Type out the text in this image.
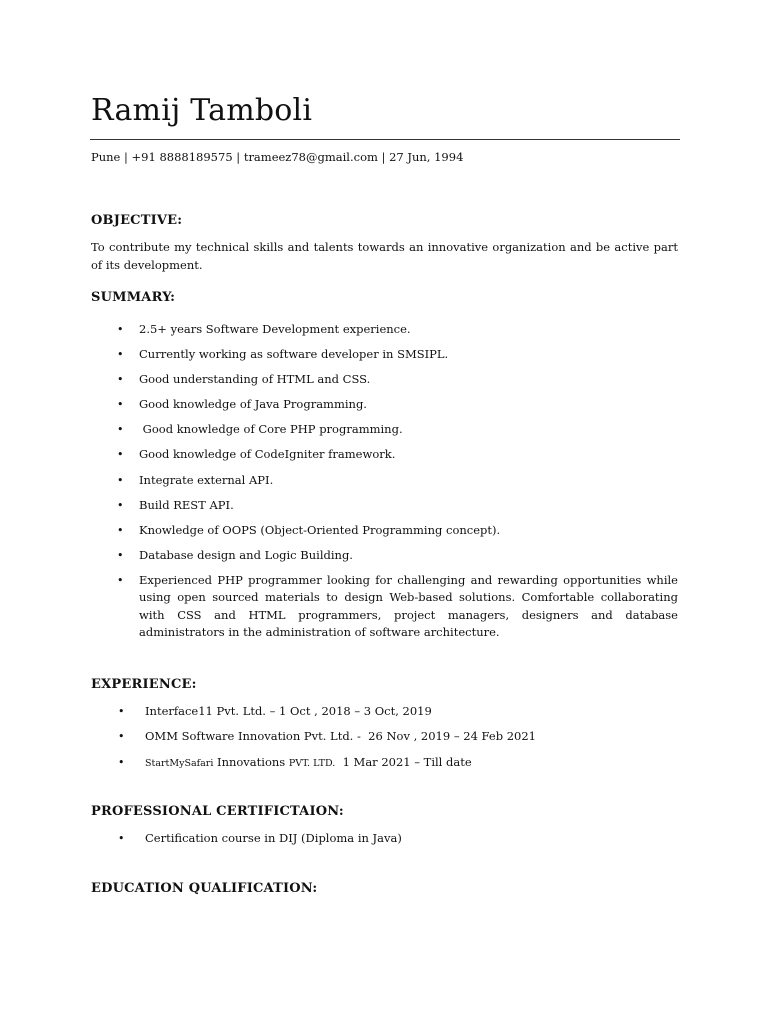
Ramij Tamboli
Pune | +91 8888189575 | trameez78@gmail.com | 27 Jun, 1994
OBJECTIVE:
To contribute my technical skills and talents towards an innovative organization and be active part of its development.
SUMMARY:
• 2.5+ years Software Development experience.
• Currently working as software developer in SMSIPL.
• Good understanding of HTML and CSS.
• Good knowledge of Java Programming.
• Good knowledge of Core PHP programming.
• Good knowledge of CodeIgniter framework.
• Integrate external API.
• Build REST API.
• Knowledge of OOPS (Object-Oriented Programming concept).
• Database design and Logic Building.
• Experienced PHP programmer looking for challenging and rewarding opportunities while using open sourced materials to design Web-based solutions. Comfortable collaborating with CSS and HTML programmers, project managers, designers and database administrators in the administration of software architecture.
EXPERIENCE:
• Interface11 Pvt. Ltd. – 1 Oct , 2018 – 3 Oct, 2019
• OMM Software Innovation Pvt. Ltd. -  26 Nov , 2019 – 24 Feb 2021
• StartMySafari Innovations PVT. LTD.  1 Mar 2021 – Till date
PROFESSIONAL CERTIFICTAION:
• Certification course in DIJ (Diploma in Java)
EDUCATION QUALIFICATION:
